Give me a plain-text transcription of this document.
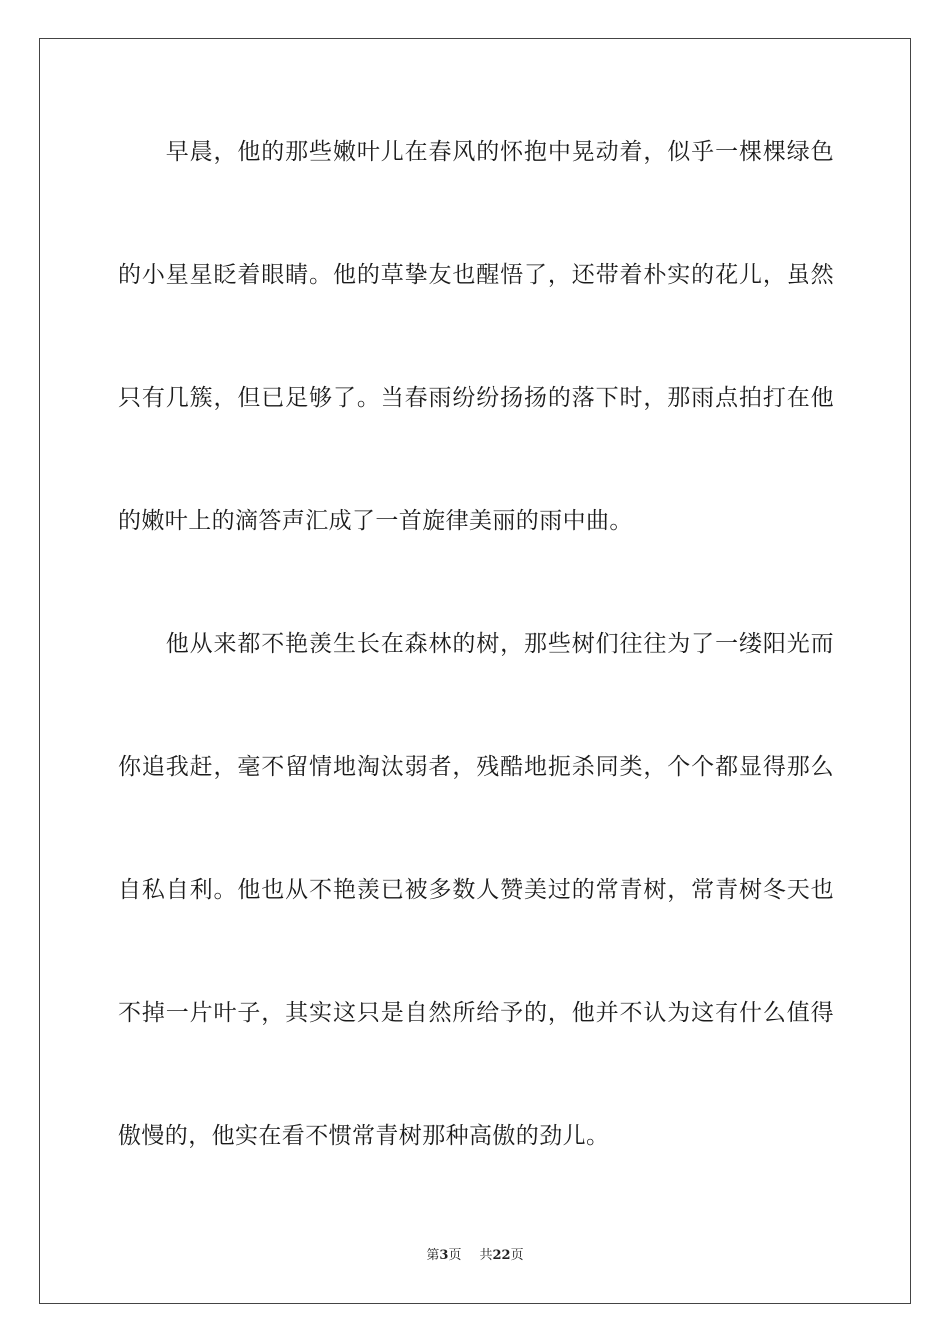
　　早晨，他的那些嫩叶儿在春风的怀抱中晃动着，似乎一棵棵绿色
的小星星眨着眼睛。他的草挚友也醒悟了，还带着朴实的花儿，虽然
只有几簇，但已足够了。当春雨纷纷扬扬的落下时，那雨点拍打在他
的嫩叶上的滴答声汇成了一首旋律美丽的雨中曲。
　　他从来都不艳羡生长在森林的树，那些树们往往为了一缕阳光而
你追我赶，毫不留情地淘汰弱者，残酷地扼杀同类，个个都显得那么
自私自利。他也从不艳羡已被多数人赞美过的常青树，常青树冬天也
不掉一片叶子，其实这只是自然所给予的，他并不认为这有什么值得
傲慢的，他实在看不惯常青树那种高傲的劲儿。
第3页 共22页
